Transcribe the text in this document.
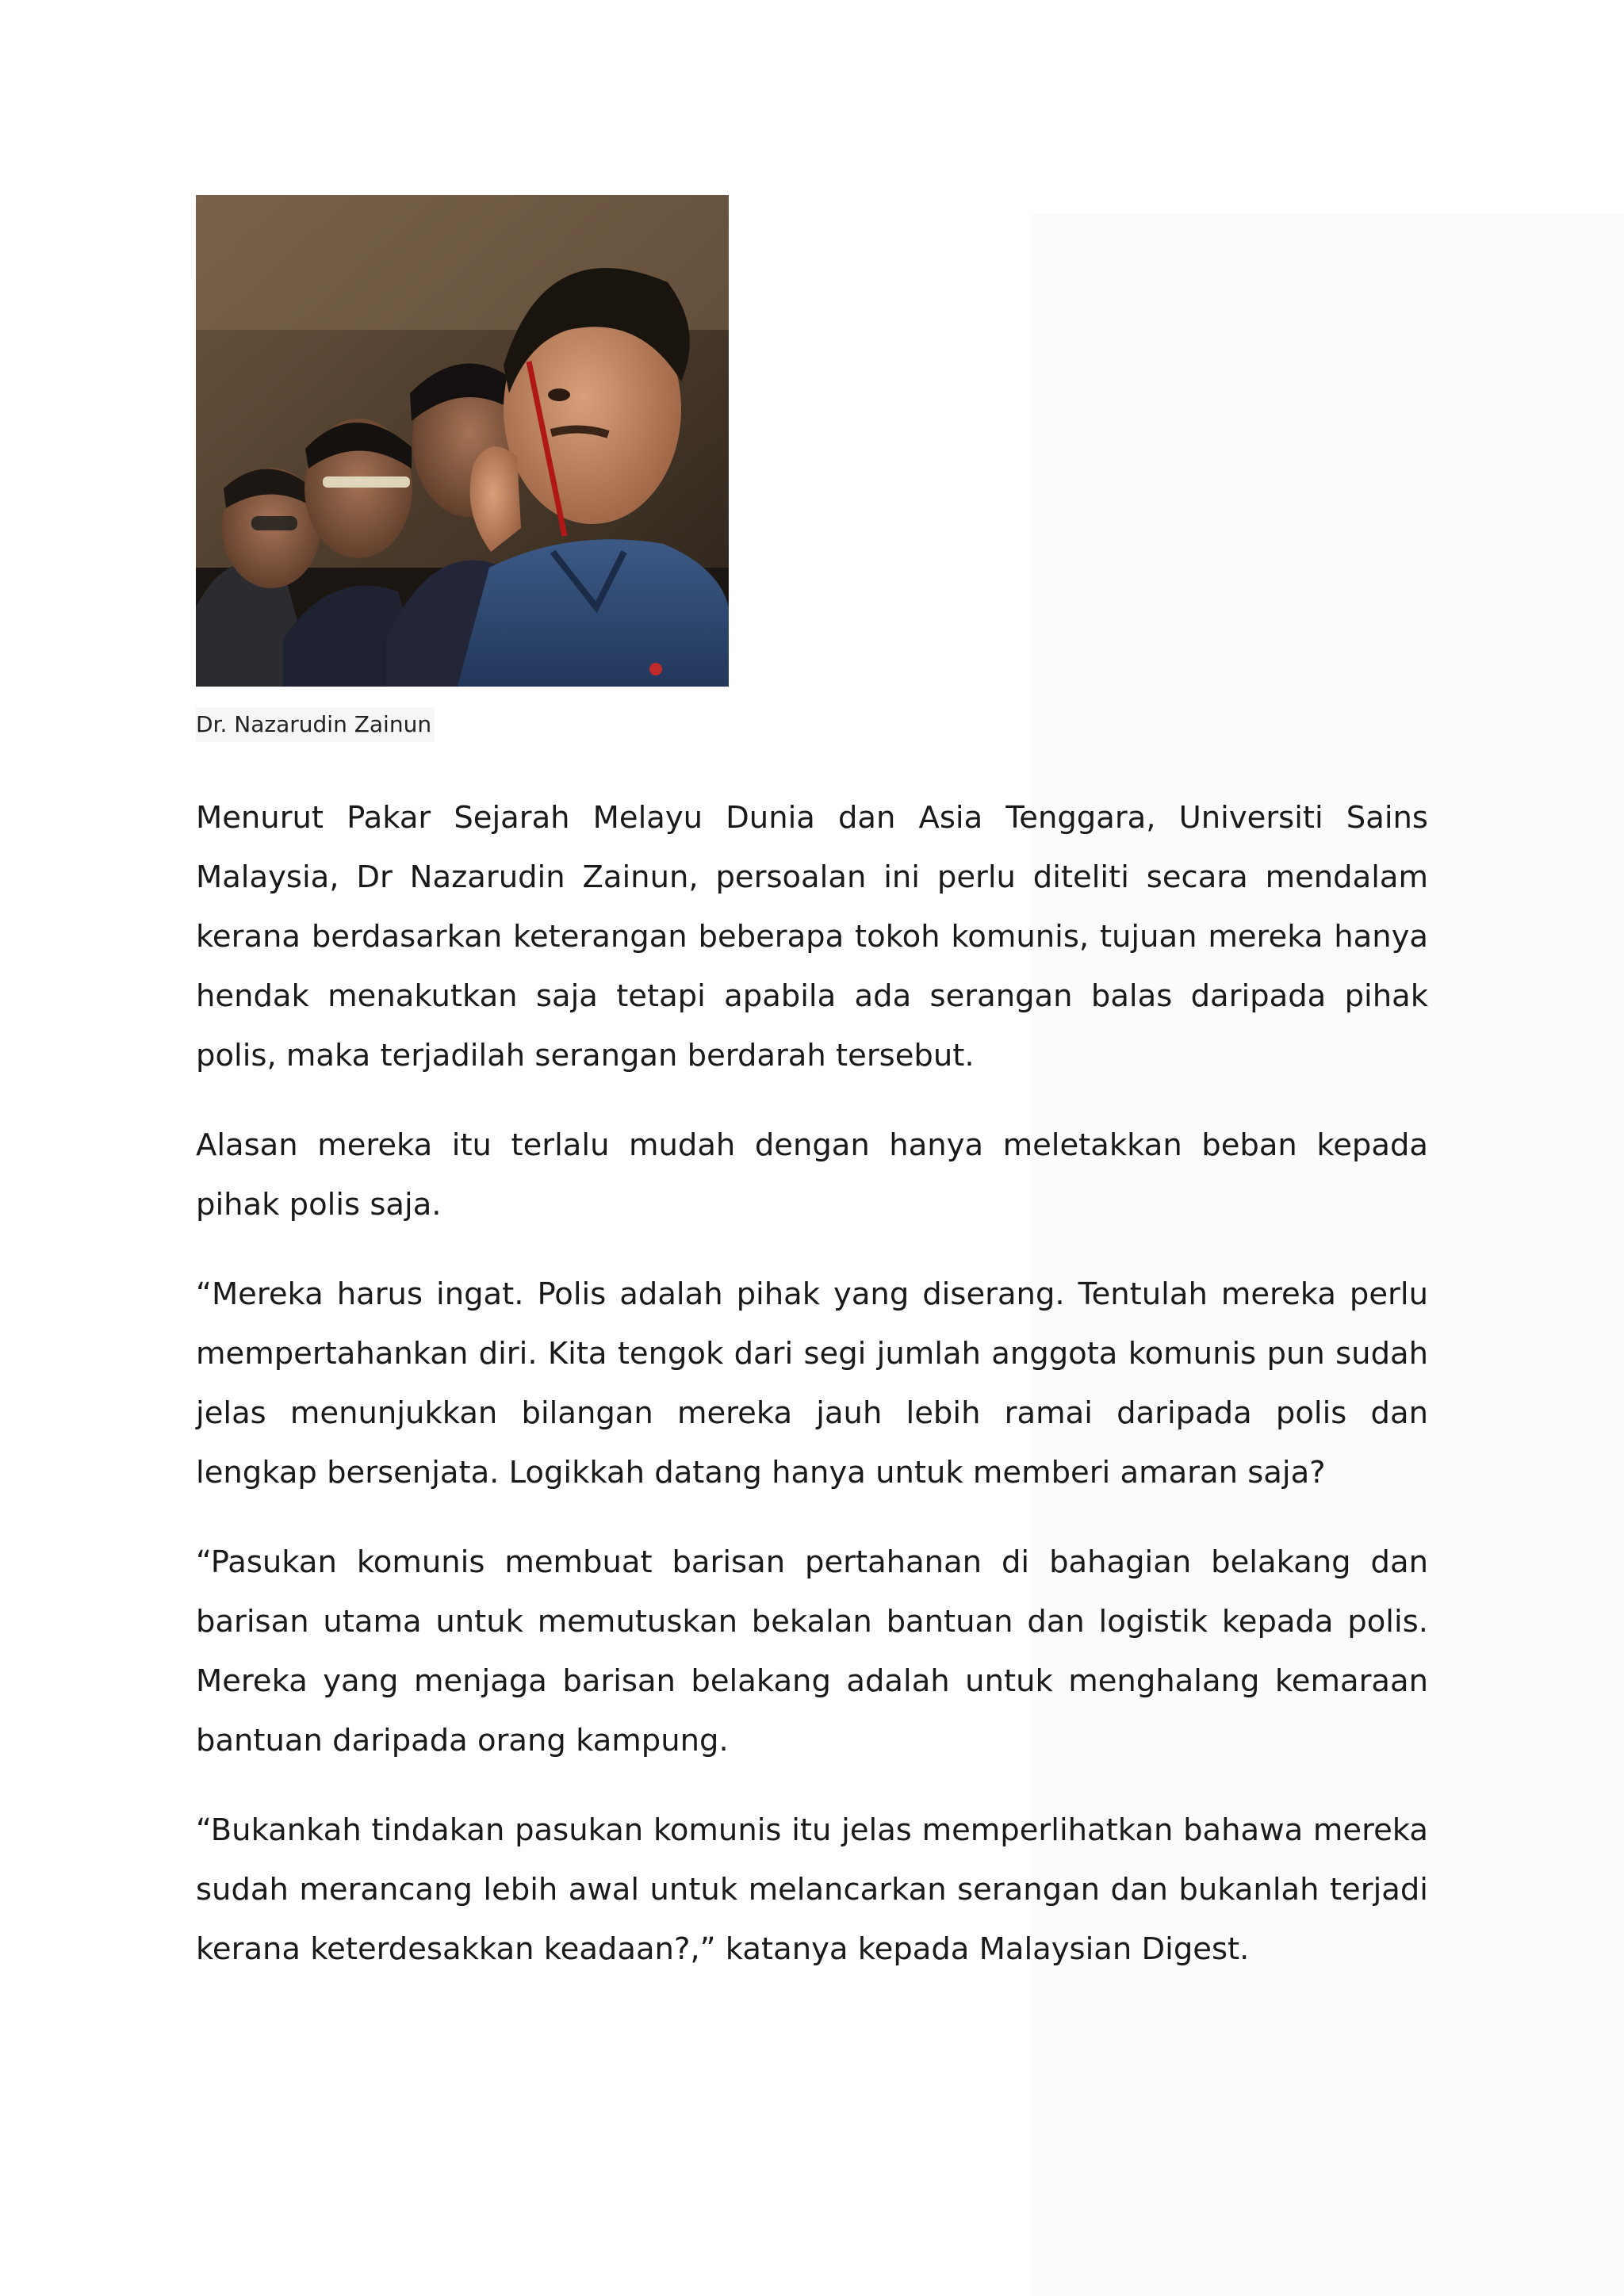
Dr. Nazarudin Zainun

Menurut Pakar Sejarah Melayu Dunia dan Asia Tenggara, Universiti Sains Malaysia, Dr Nazarudin Zainun, persoalan ini perlu diteliti secara mendalam kerana berdasarkan keterangan beberapa tokoh komunis, tujuan mereka hanya hendak menakutkan saja tetapi apabila ada serangan balas daripada pihak polis, maka terjadilah serangan berdarah tersebut.

Alasan mereka itu terlalu mudah dengan hanya meletakkan beban kepada pihak polis saja.

“Mereka harus ingat. Polis adalah pihak yang diserang. Tentulah mereka perlu mempertahankan diri. Kita tengok dari segi jumlah anggota komunis pun sudah jelas menunjukkan bilangan mereka jauh lebih ramai daripada polis dan lengkap bersenjata. Logikkah datang hanya untuk memberi amaran saja?

“Pasukan komunis membuat barisan pertahanan di bahagian belakang dan barisan utama untuk memutuskan bekalan bantuan dan logistik kepada polis. Mereka yang menjaga barisan belakang adalah untuk menghalang kemaraan bantuan daripada orang kampung.

“Bukankah tindakan pasukan komunis itu jelas memperlihatkan bahawa mereka sudah merancang lebih awal untuk melancarkan serangan dan bukanlah terjadi kerana keterdesakkan keadaan?,” katanya kepada Malaysian Digest.
